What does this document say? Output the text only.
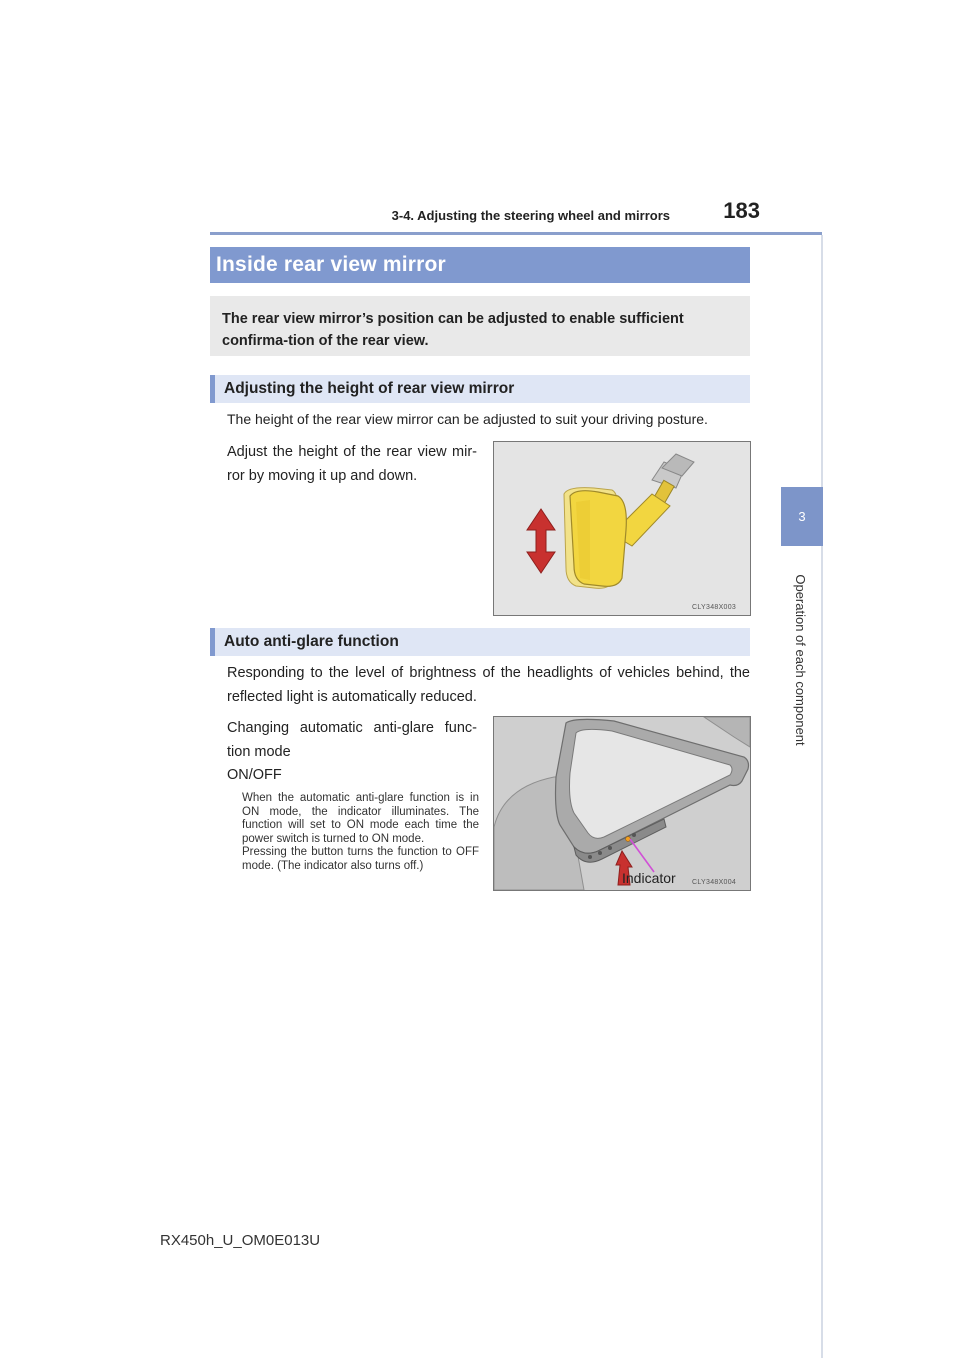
3-4. Adjusting the steering wheel and mirrors	183
3
Operation of each component
Inside rear view mirror
The rear view mirror’s position can be adjusted to enable sufficient confirma-tion of the rear view.
Adjusting the height of rear view mirror
The height of the rear view mirror can be adjusted to suit your driving posture.
Adjust the height of the rear view mir-ror by moving it up and down.
CLY348X003
Auto anti-glare function
Responding to the level of brightness of the headlights of vehicles behind, the reflected light is automatically reduced.
Changing automatic anti-glare func-tion mode
ON/OFF
When the automatic anti-glare function is in ON mode, the indicator illuminates. The function will set to ON mode each time the power switch is turned to ON mode.
Pressing the button turns the function to OFF mode. (The indicator also turns off.)
Indicator CLY348X004
RX450h_U_OM0E013U
